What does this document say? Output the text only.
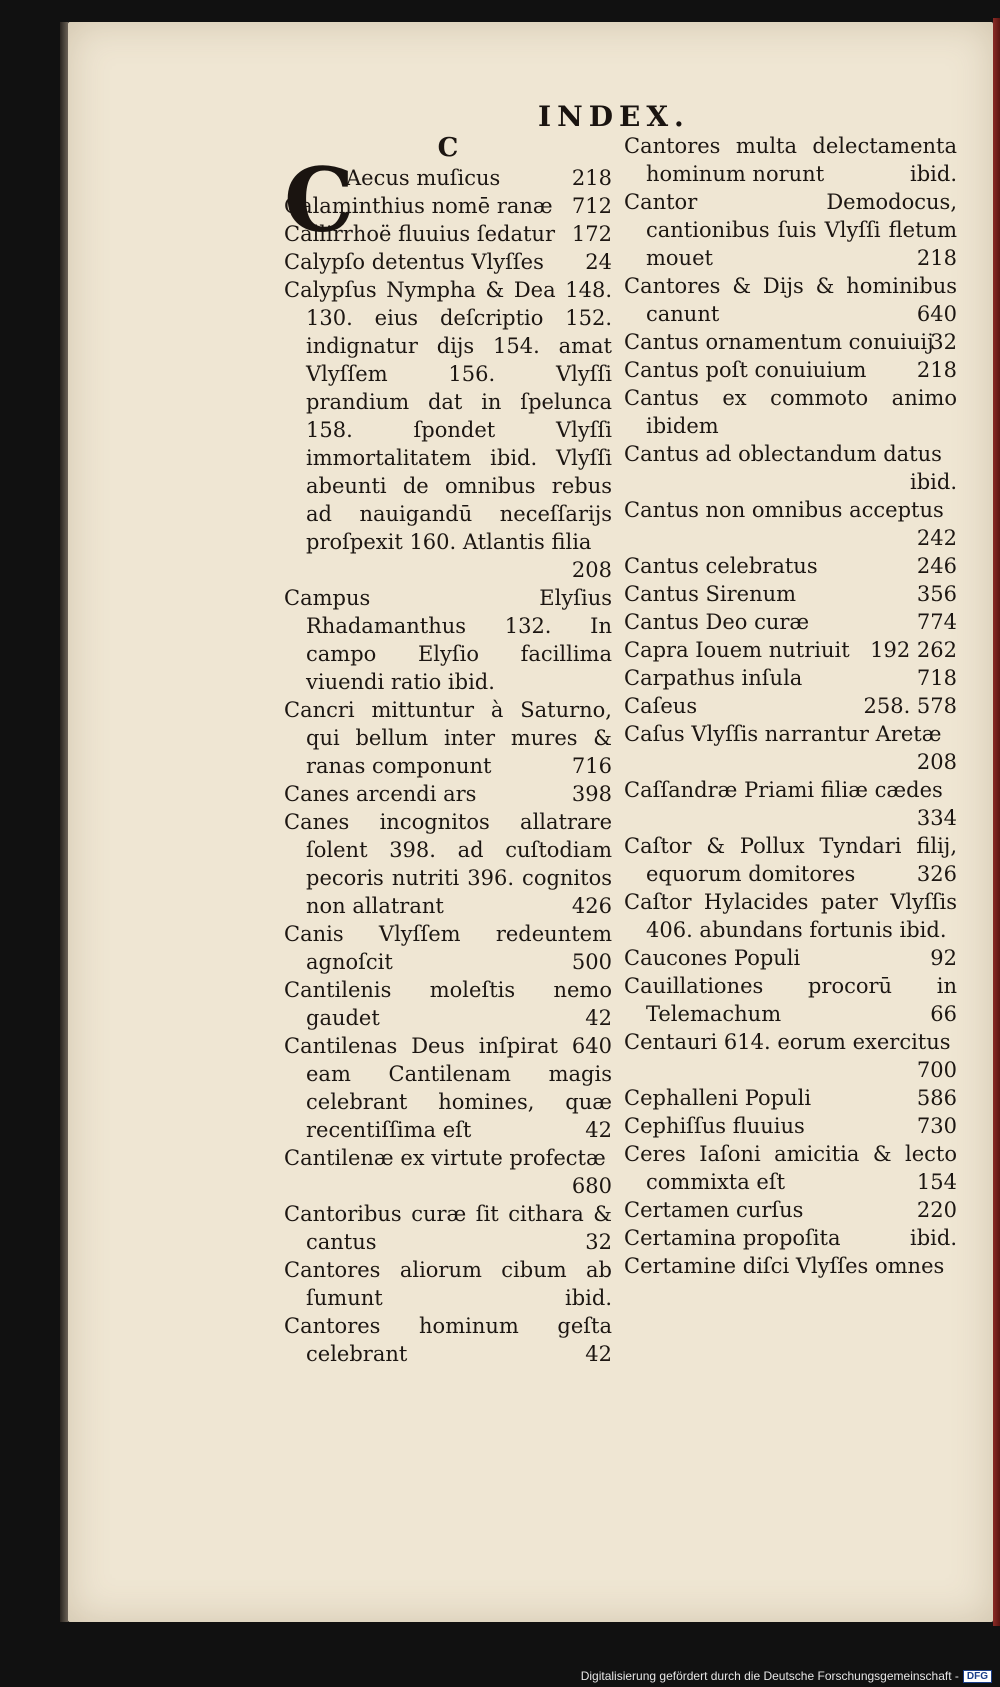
INDEX.
C
C
Aecus muſicus	218
Calaminthius nomē ranæ 712
Callirrhoë fluuius ſedatur 172
Calypſo detentus Vlyſſes 24
Calypſus Nympha & Dea 148. 130. eius deſcriptio 152. indignatur dijs 154. amat Vlyſſem 156. Vlyſſi prandium dat in ſpelunca 158. ſpondet Vlyſſi immortalitatem ibid. Vlyſſi abeunti de omnibus rebus ad nauigandū neceſſarijs proſpexit 160. Atlantis filia
208
Campus Elyſius Rhadamanthus 132. In campo Elyſio facillima viuendi ratio ibid.
Cancri mittuntur à Saturno, qui bellum inter mures & ranas componunt	716
Canes arcendi ars	398
Canes incognitos allatrare ſolent 398. ad cuſtodiam pecoris nutriti 396. cognitos non allatrant	426
Canis Vlyſſem redeuntem agnoſcit	500
Cantilenis moleſtis nemo gaudet	42
Cantilenas Deus inſpirat 640 eam Cantilenam magis celebrant homines, quæ recentiſſima eſt	42
Cantilenæ ex virtute profectæ
680
Cantoribus curæ ſit cithara & cantus	32
Cantores aliorum cibum ab ſumunt	ibid.
Cantores hominum geſta celebrant	42
Cantores multa delectamenta hominum norunt	ibid.
Cantor Demodocus, cantionibus ſuis Vlyſſi fletum mouet	218
Cantores & Dijs & hominibus canunt	640
Cantus ornamentum conuiuij
32
Cantus poſt conuiuium 218
Cantus ex commoto animo ibidem
Cantus ad oblectandum datus
ibid.
Cantus non omnibus acceptus
242
Cantus celebratus	246
Cantus Sirenum	356
Cantus Deo curæ	774
Capra Iouem nutriuit 192 262
Carpathus inſula	718
Caſeus	258. 578
Caſus Vlyſſis narrantur Aretæ
208
Caſſandræ Priami filiæ cædes
334
Caſtor & Pollux Tyndari filij, equorum domitores	326
Caſtor Hylacides pater Vlyſſis 406. abundans fortunis ibid.
Caucones Populi	92
Cauillationes procorū in Telemachum	66
Centauri 614. eorum exercitus
700
Cephalleni Populi	586
Cephiſſus fluuius	730
Ceres Iaſoni amicitia & lecto commixta eſt	154
Certamen curſus	220
Certamina propoſita	ibid.
Certamine diſci Vlyſſes omnes
Digitalisierung gefördert durch die Deutsche Forschungsgemeinschaft - DFG
